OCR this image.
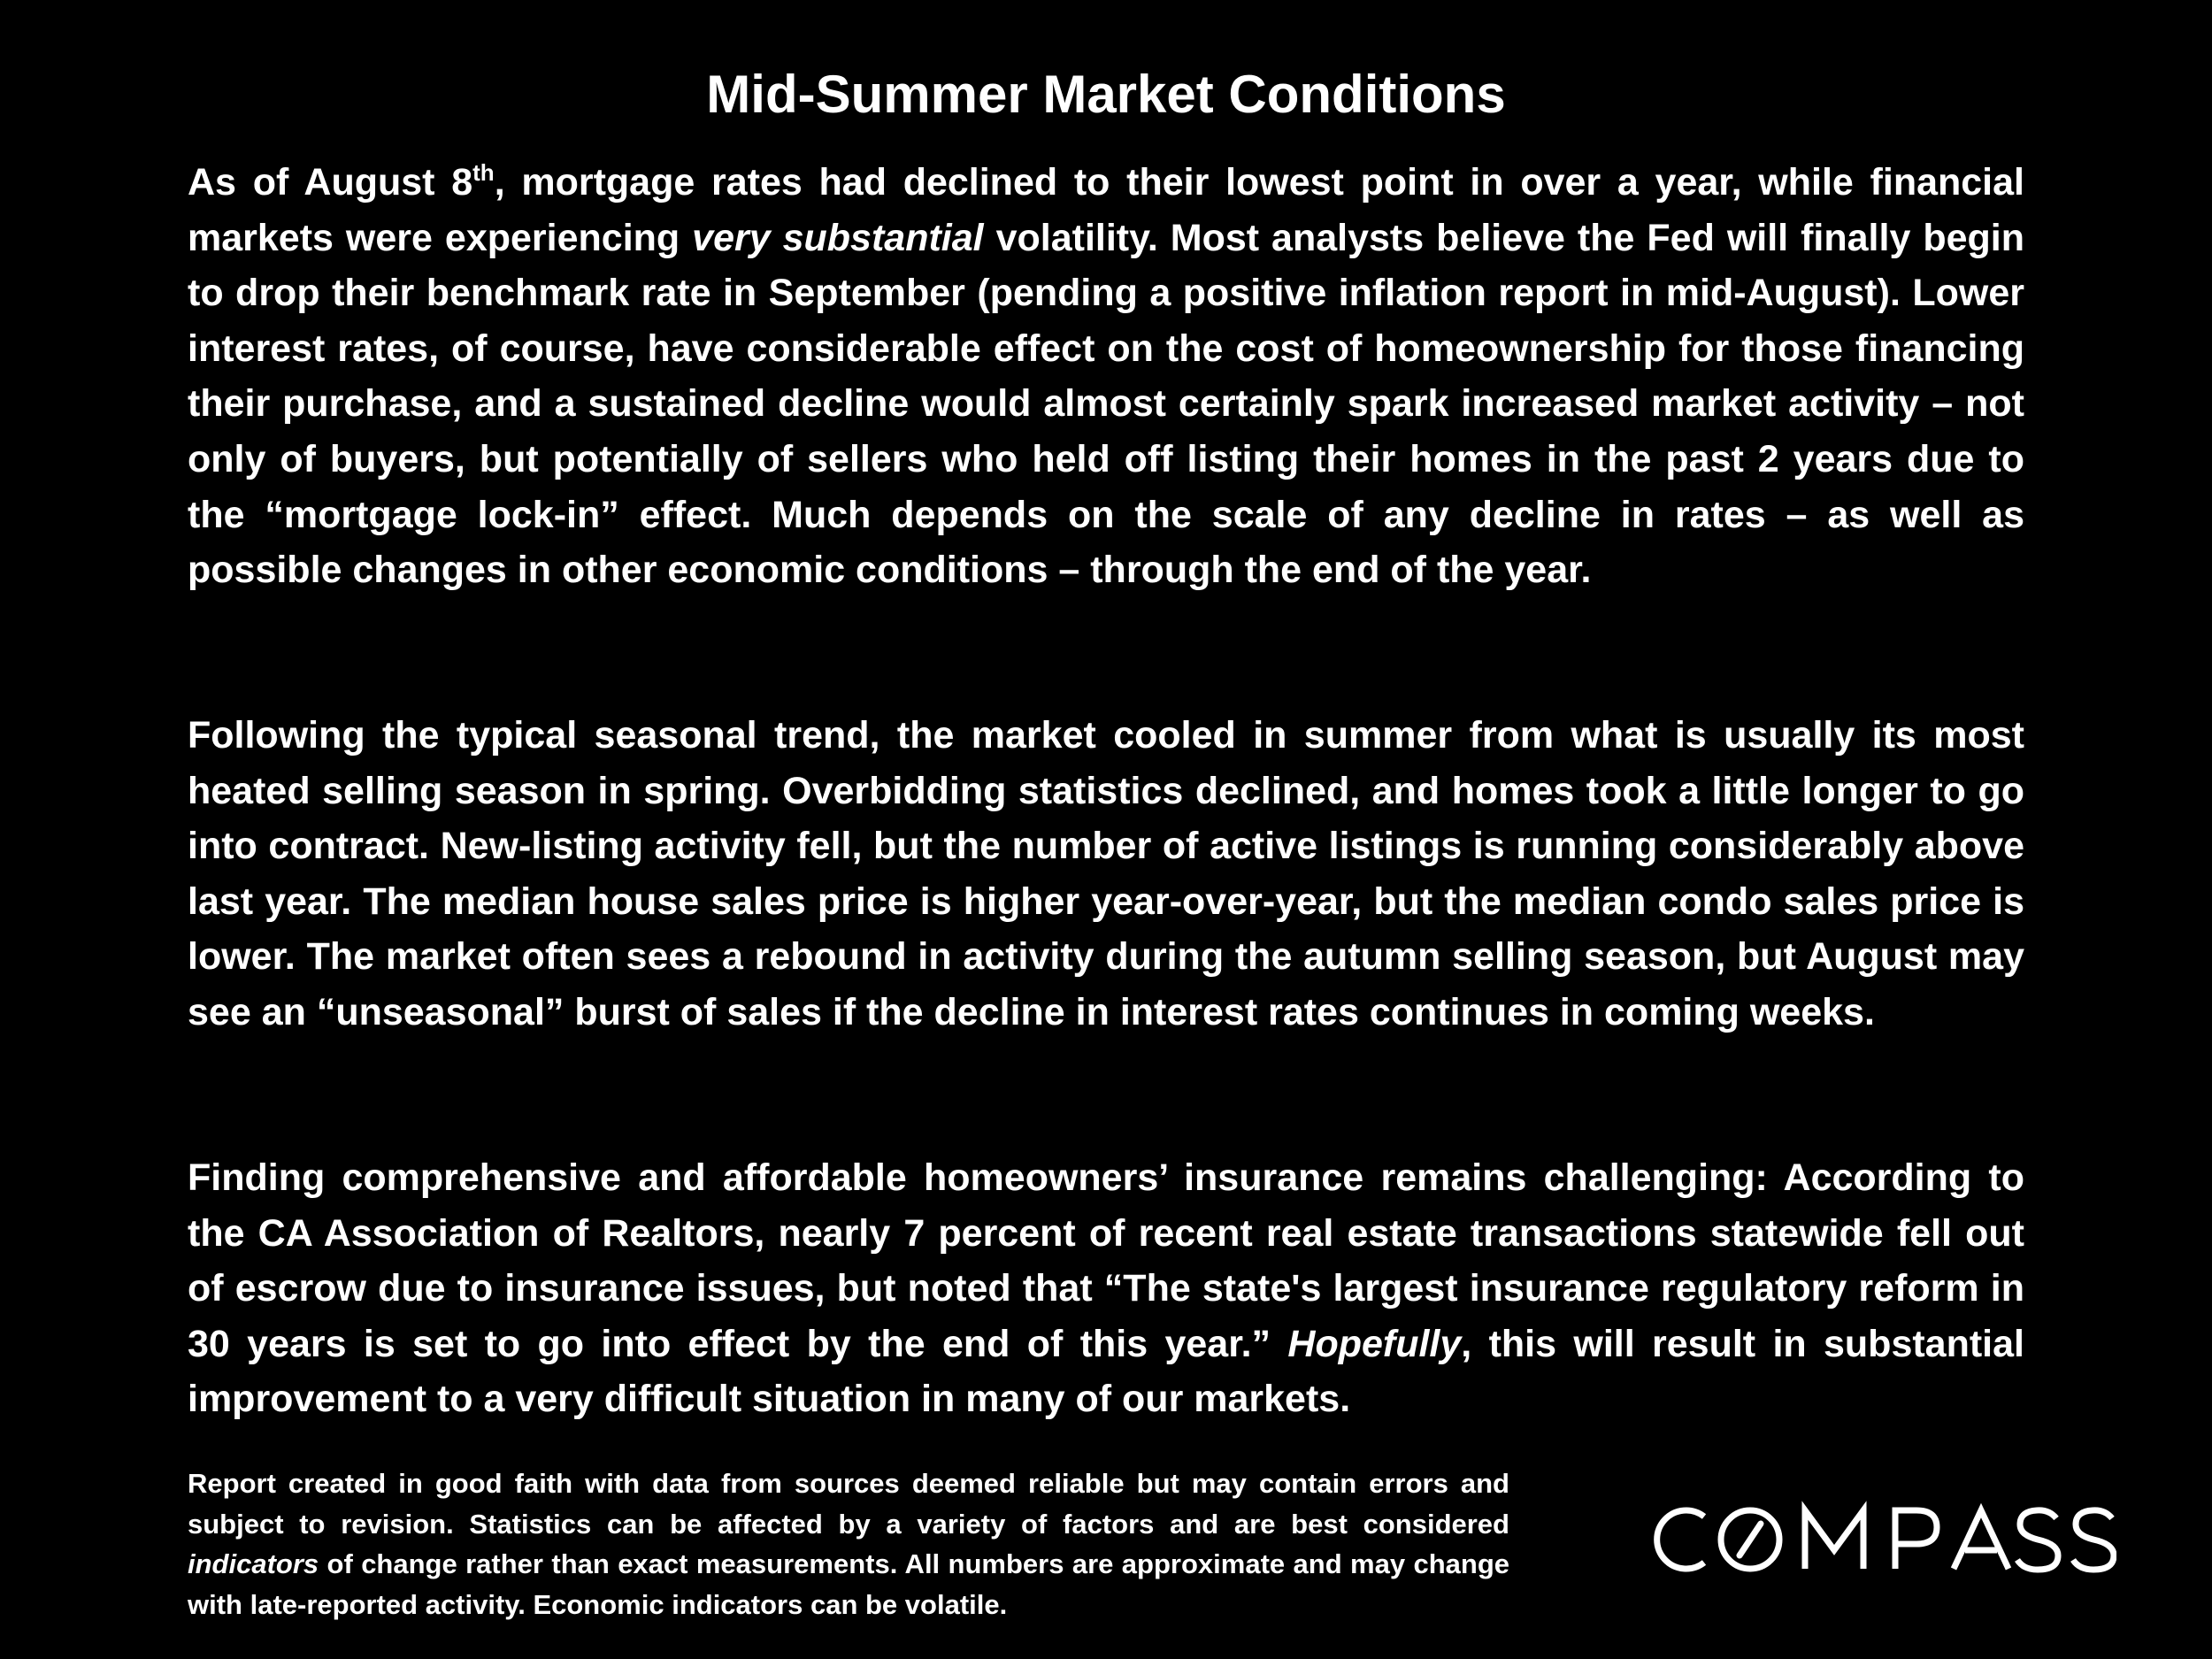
Mid-Summer Market Conditions

As of August 8th, mortgage rates had declined to their lowest point in over a year, while financial markets were experiencing very substantial volatility. Most analysts believe the Fed will finally begin to drop their benchmark rate in September (pending a positive inflation report in mid-August). Lower interest rates, of course, have considerable effect on the cost of homeownership for those financing their purchase, and a sustained decline would almost certainly spark increased market activity – not only of buyers, but potentially of sellers who held off listing their homes in the past 2 years due to the “mortgage lock-in” effect. Much depends on the scale of any decline in rates – as well as possible changes in other economic conditions – through the end of the year.

Following the typical seasonal trend, the market cooled in summer from what is usually its most heated selling season in spring. Overbidding statistics declined, and homes took a little longer to go into contract. New-listing activity fell, but the number of active listings is running considerably above last year. The median house sales price is higher year-over-year, but the median condo sales price is lower. The market often sees a rebound in activity during the autumn selling season, but August may see an “unseasonal” burst of sales if the decline in interest rates continues in coming weeks.

Finding comprehensive and affordable homeowners’ insurance remains challenging: According to the CA Association of Realtors, nearly 7 percent of recent real estate transactions statewide fell out of escrow due to insurance issues, but noted that “The state's largest insurance regulatory reform in 30 years is set to go into effect by the end of this year.” Hopefully, this will result in substantial improvement to a very difficult situation in many of our markets.

Report created in good faith with data from sources deemed reliable but may contain errors and subject to revision. Statistics can be affected by a variety of factors and are best considered indicators of change rather than exact measurements. All numbers are approximate and may change with late-reported activity. Economic indicators can be volatile.
